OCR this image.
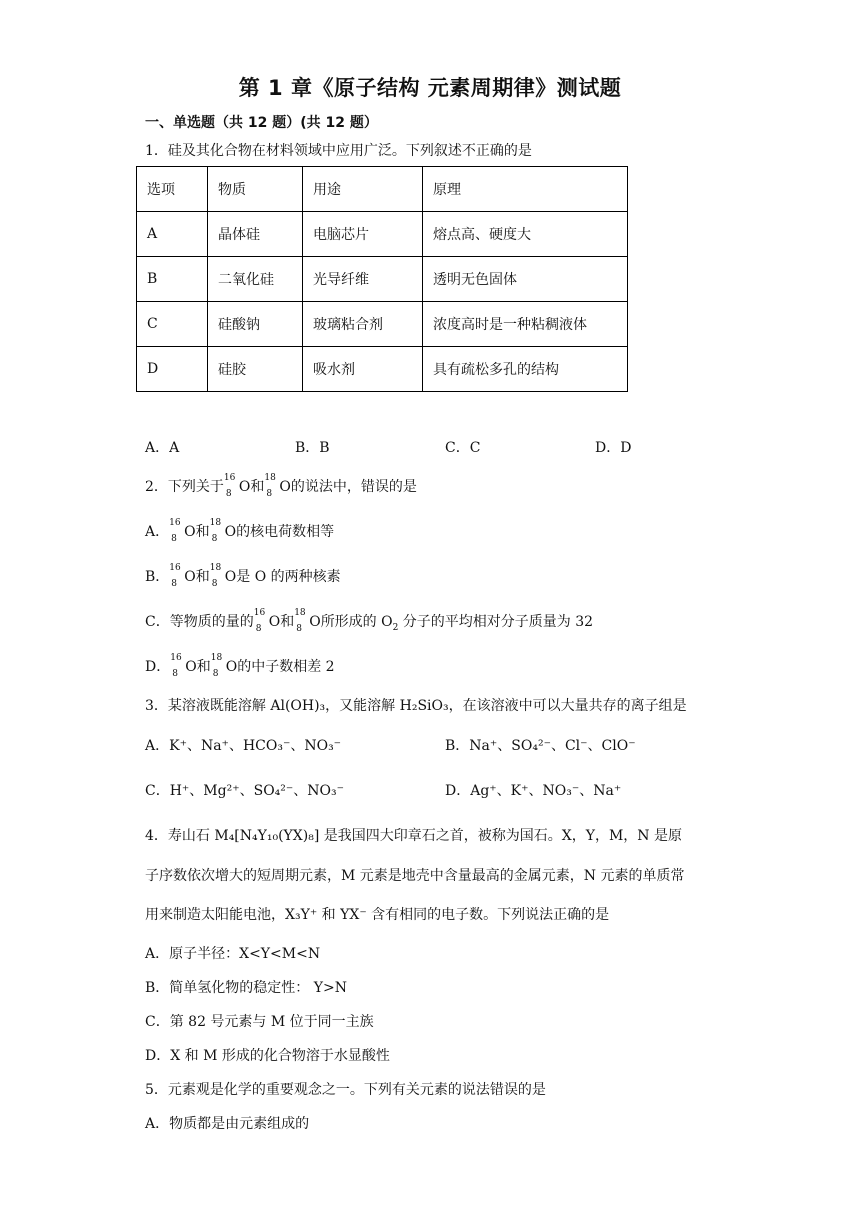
第 1 章《原子结构 元素周期律》测试题
一、单选题（共 12 题）(共 12 题）
1．硅及其化合物在材料领域中应用广泛。下列叙述不正确的是
选项	物质	用途	原理
A	晶体硅	电脑芯片	熔点高、硬度大
B	二氧化硅	光导纤维	透明无色固体
C	硅酸钠	玻璃粘合剂	浓度高时是一种粘稠液体
D	硅胶	吸水剂	具有疏松多孔的结构
A．A	B．B	C．C	D．D
2．下列关于
16
8 O和
18
8 O的说法中，错误的是
A．
16
8 O和
18
8 O的核电荷数相等
B．
16
8 O和
18
8 O是 O 的两种核素
C．等物质的量的
16
8 O和
18
8 O所形成的 $O_2$ 分子的平均相对分子质量为 32
D．
16
8 O和
18
8 O的中子数相差 2
3．某溶液既能溶解 Al(OH)₃，又能溶解 H₂SiO₃，在该溶液中可以大量共存的离子组是
A．K⁺、Na⁺、HCO₃⁻、NO₃⁻	B．Na⁺、SO₄²⁻、Cl⁻、ClO⁻
C．H⁺、Mg²⁺、SO₄²⁻、NO₃⁻	D．Ag⁺、K⁺、NO₃⁻、Na⁺
4．寿山石 M₄[N₄Y₁₀(YX)₈] 是我国四大印章石之首，被称为国石。X，Y，M，N 是原
子序数依次增大的短周期元素，M 元素是地壳中含量最高的金属元素，N 元素的单质常
用来制造太阳能电池，X₃Y⁺ 和 YX⁻ 含有相同的电子数。下列说法正确的是
A．原子半径：X<Y<M<N
B．简单氢化物的稳定性： Y>N
C．第 82 号元素与 M 位于同一主族
D．X 和 M 形成的化合物溶于水显酸性
5．元素观是化学的重要观念之一。下列有关元素的说法错误的是
A．物质都是由元素组成的
